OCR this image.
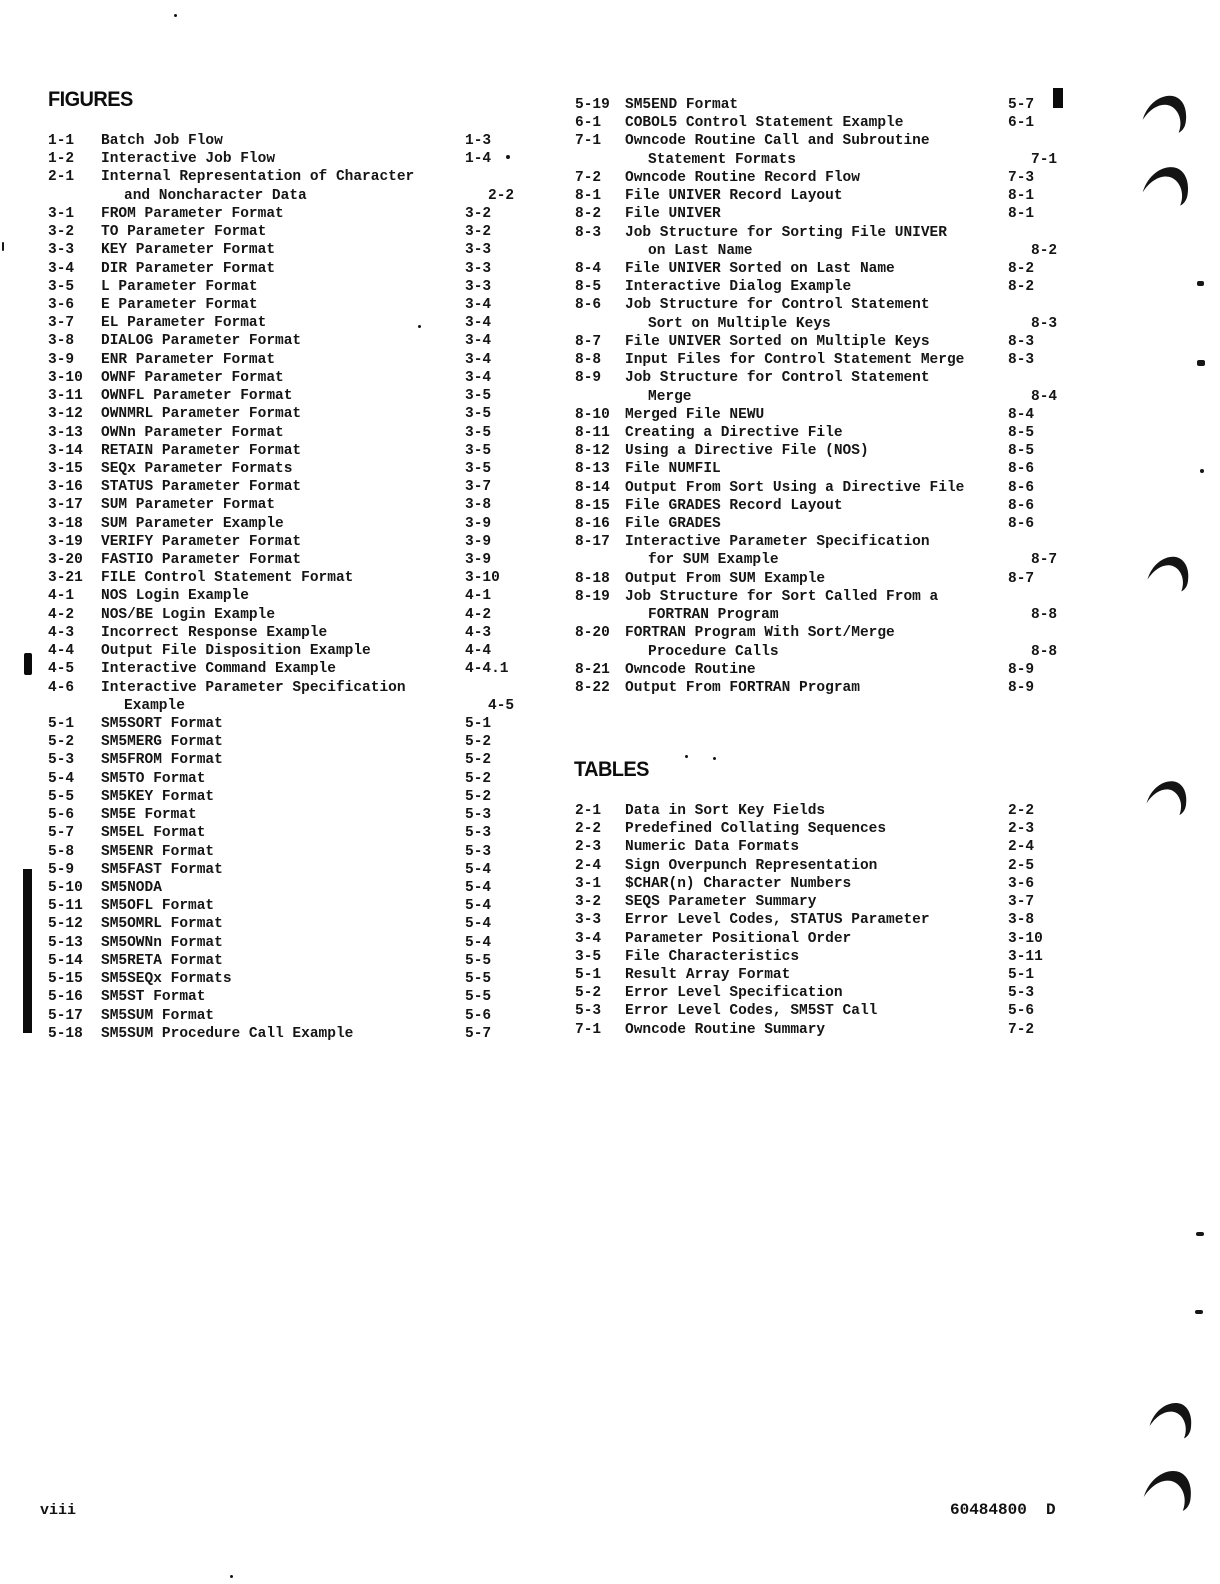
FIGURES
1-1	Batch Job Flow	1-3
1-2	Interactive Job Flow	1-4
2-1	Internal Representation of Character
and Noncharacter Data	2-2
3-1	FROM Parameter Format	3-2
3-2	TO Parameter Format	3-2
3-3	KEY Parameter Format	3-3
3-4	DIR Parameter Format	3-3
3-5	L Parameter Format	3-3
3-6	E Parameter Format	3-4
3-7	EL Parameter Format	3-4
3-8	DIALOG Parameter Format	3-4
3-9	ENR Parameter Format	3-4
3-10	OWNF Parameter Format	3-4
3-11	OWNFL Parameter Format	3-5
3-12	OWNMRL Parameter Format	3-5
3-13	OWNn Parameter Format	3-5
3-14	RETAIN Parameter Format	3-5
3-15	SEQx Parameter Formats	3-5
3-16	STATUS Parameter Format	3-7
3-17	SUM Parameter Format	3-8
3-18	SUM Parameter Example	3-9
3-19	VERIFY Parameter Format	3-9
3-20	FASTIO Parameter Format	3-9
3-21	FILE Control Statement Format	3-10
4-1	NOS Login Example	4-1
4-2	NOS/BE Login Example	4-2
4-3	Incorrect Response Example	4-3
4-4	Output File Disposition Example	4-4
4-5	Interactive Command Example	4-4.1
4-6	Interactive Parameter Specification
Example	4-5
5-1	SM5SORT Format	5-1
5-2	SM5MERG Format	5-2
5-3	SM5FROM Format	5-2
5-4	SM5TO Format	5-2
5-5	SM5KEY Format	5-2
5-6	SM5E Format	5-3
5-7	SM5EL Format	5-3
5-8	SM5ENR Format	5-3
5-9	SM5FAST Format	5-4
5-10	SM5NODA	5-4
5-11	SM5OFL Format	5-4
5-12	SM5OMRL Format	5-4
5-13	SM5OWNn Format	5-4
5-14	SM5RETA Format	5-5
5-15	SM5SEQx Formats	5-5
5-16	SM5ST Format	5-5
5-17	SM5SUM Format	5-6
5-18	SM5SUM Procedure Call Example	5-7
5-19	SM5END Format	5-7
6-1	COBOL5 Control Statement Example	6-1
7-1	Owncode Routine Call and Subroutine
Statement Formats	7-1
7-2	Owncode Routine Record Flow	7-3
8-1	File UNIVER Record Layout	8-1
8-2	File UNIVER	8-1
8-3	Job Structure for Sorting File UNIVER
on Last Name	8-2
8-4	File UNIVER Sorted on Last Name	8-2
8-5	Interactive Dialog Example	8-2
8-6	Job Structure for Control Statement
Sort on Multiple Keys	8-3
8-7	File UNIVER Sorted on Multiple Keys	8-3
8-8	Input Files for Control Statement Merge	8-3
8-9	Job Structure for Control Statement
Merge	8-4
8-10	Merged File NEWU	8-4
8-11	Creating a Directive File	8-5
8-12	Using a Directive File (NOS)	8-5
8-13	File NUMFIL	8-6
8-14	Output From Sort Using a Directive File	8-6
8-15	File GRADES Record Layout	8-6
8-16	File GRADES	8-6
8-17	Interactive Parameter Specification
for SUM Example	8-7
8-18	Output From SUM Example	8-7
8-19	Job Structure for Sort Called From a
FORTRAN Program	8-8
8-20	FORTRAN Program With Sort/Merge
Procedure Calls	8-8
8-21	Owncode Routine	8-9
8-22	Output From FORTRAN Program	8-9
TABLES
2-1	Data in Sort Key Fields	2-2
2-2	Predefined Collating Sequences	2-3
2-3	Numeric Data Formats	2-4
2-4	Sign Overpunch Representation	2-5
3-1	$CHAR(n) Character Numbers	3-6
3-2	SEQS Parameter Summary	3-7
3-3	Error Level Codes, STATUS Parameter	3-8
3-4	Parameter Positional Order	3-10
3-5	File Characteristics	3-11
5-1	Result Array Format	5-1
5-2	Error Level Specification	5-3
5-3	Error Level Codes, SM5ST Call	5-6
7-1	Owncode Routine Summary	7-2
viii	60484800  D
